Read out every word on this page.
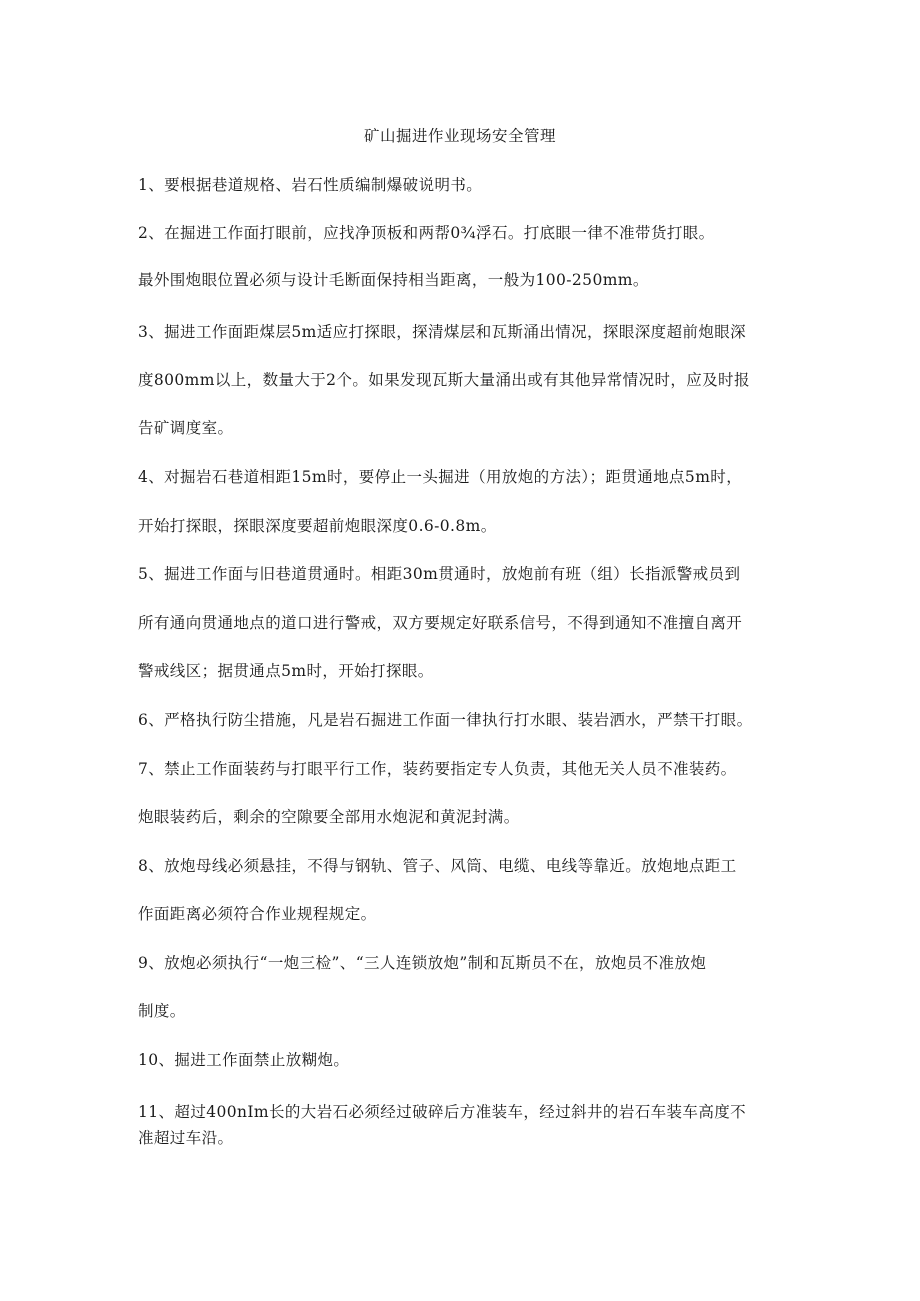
矿山掘进作业现场安全管理
1、要根据巷道规格、岩石性质编制爆破说明书。
2、在掘进工作面打眼前，应找净顶板和两帮0¾浮石。打底眼一律不准带货打眼。
最外围炮眼位置必须与设计毛断面保持相当距离，一般为100-250mm。
3、掘进工作面距煤层5m适应打探眼，探清煤层和瓦斯涌出情况，探眼深度超前炮眼深
度800mm以上，数量大于2个。如果发现瓦斯大量涌出或有其他异常情况时，应及时报
告矿调度室。
4、对掘岩石巷道相距15m时，要停止一头掘进（用放炮的方法）；距贯通地点5m时，
开始打探眼，探眼深度要超前炮眼深度0.6-0.8m。
5、掘进工作面与旧巷道贯通时。相距30m贯通时，放炮前有班（组）长指派警戒员到
所有通向贯通地点的道口进行警戒，双方要规定好联系信号，不得到通知不准擅自离开
警戒线区；据贯通点5m时，开始打探眼。
6、严格执行防尘措施，凡是岩石掘进工作面一律执行打水眼、装岩洒水，严禁干打眼。
7、禁止工作面装药与打眼平行工作，装药要指定专人负责，其他无关人员不准装药。
炮眼装药后，剩余的空隙要全部用水炮泥和黄泥封满。
8、放炮母线必须悬挂，不得与钢轨、管子、风筒、电缆、电线等靠近。放炮地点距工
作面距离必须符合作业规程规定。
9、放炮必须执行“一炮三检”、“三人连锁放炮”制和瓦斯员不在，放炮员不准放炮
制度。
10、掘进工作面禁止放糊炮。
11、超过400nIm长的大岩石必须经过破碎后方准装车，经过斜井的岩石车装车高度不
准超过车沿。
